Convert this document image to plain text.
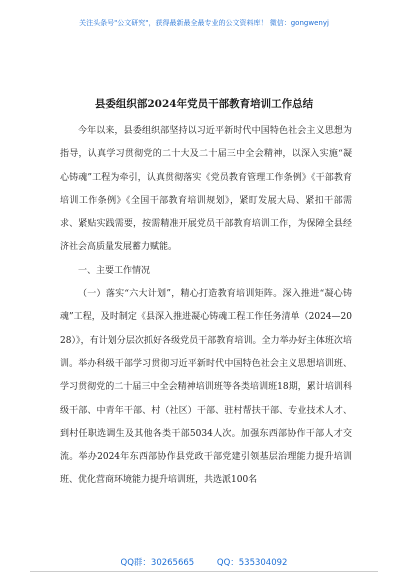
关注头条号"公文研究"，获得最新最全最专业的公文资料库！ 微信：gongwenyj
县委组织部2024年党员干部教育培训工作总结

今年以来，县委组织部坚持以习近平新时代中国特色社会主义思想为指导，认真学习贯彻党的二十大及二十届三中全会精神，以深入实施“凝心铸魂”工程为牵引，认真贯彻落实《党员教育管理工作条例》《干部教育培训工作条例》《全国干部教育培训规划》，紧盯发展大局、紧扣干部需求、紧贴实践需要，按需精准开展党员干部教育培训工作，为保障全县经济社会高质量发展蓄力赋能。

一、主要工作情况

（一）落实“六大计划”，精心打造教育培训矩阵。深入推进“凝心铸魂”工程，及时制定《县深入推进凝心铸魂工程工作任务清单（2024—2028）》，有计划分层次抓好各级党员干部教育培训。全力举办好主体班次培训。举办科级干部学习贯彻习近平新时代中国特色社会主义思想培训班、学习贯彻党的二十届三中全会精神培训班等各类培训班18期，累计培训科级干部、中青年干部、村（社区）干部、驻村帮扶干部、专业技术人才、到村任职选调生及其他各类干部5034人次。加强东西部协作干部人才交流。举办2024年东西部协作县党政干部党建引领基层治理能力提升培训班、优化营商环境能力提升培训班，共选派100名

QQ群：30265665	QQ：535304092
